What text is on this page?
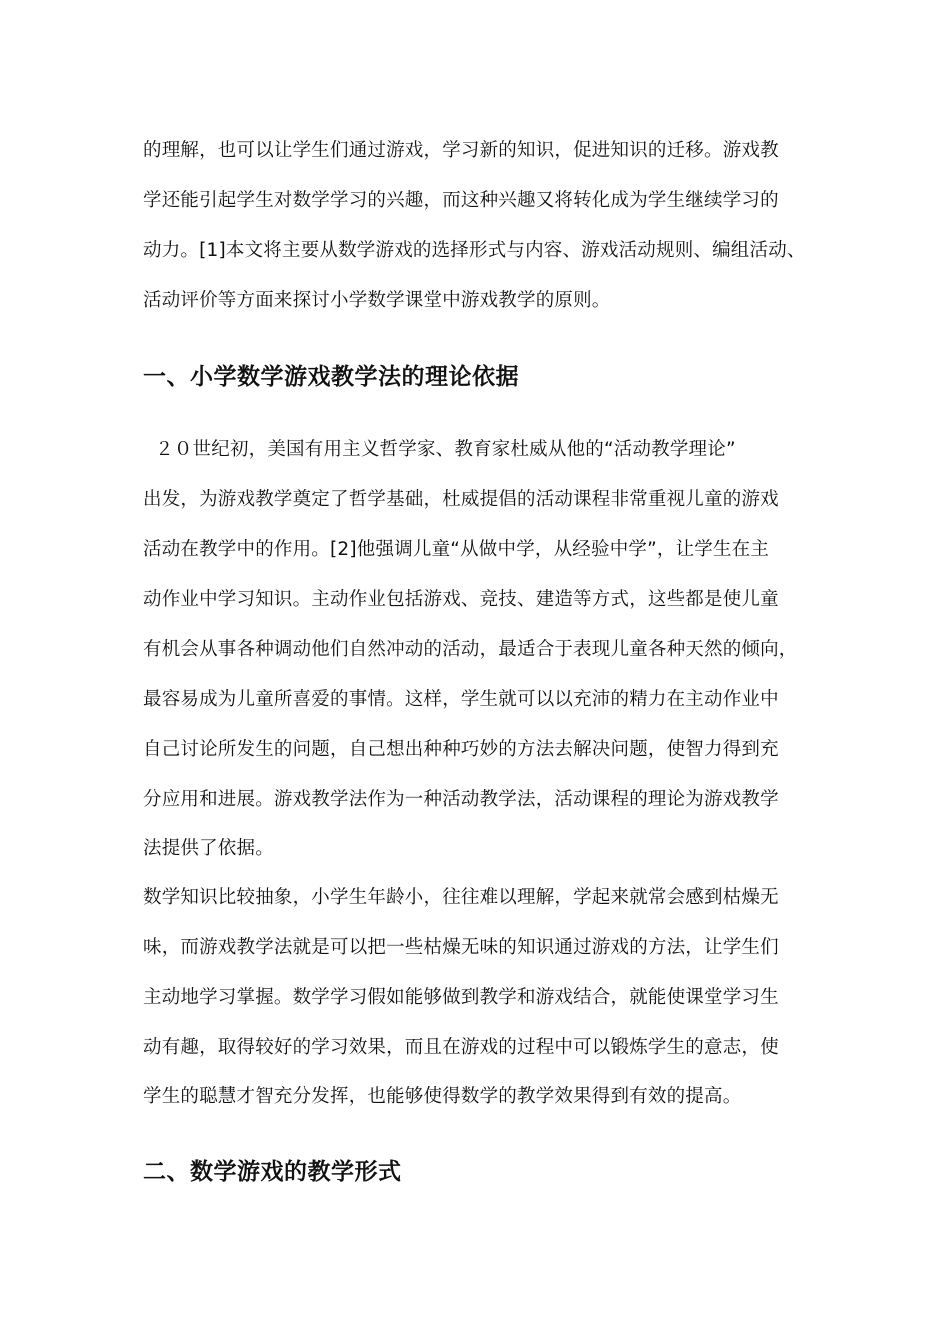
的理解，也可以让学生们通过游戏，学习新的知识，促进知识的迁移。游戏教
学还能引起学生对数学学习的兴趣，而这种兴趣又将转化成为学生继续学习的
动力。[1]本文将主要从数学游戏的选择形式与内容、游戏活动规则、编组活动、
活动评价等方面来探讨小学数学课堂中游戏教学的原则。
一、小学数学游戏教学法的理论依据
２０世纪初，美国有用主义哲学家、教育家杜威从他的“活动教学理论”
出发，为游戏教学奠定了哲学基础，杜威提倡的活动课程非常重视儿童的游戏
活动在教学中的作用。[2]他强调儿童“从做中学，从经验中学”，让学生在主
动作业中学习知识。主动作业包括游戏、竞技、建造等方式，这些都是使儿童
有机会从事各种调动他们自然冲动的活动，最适合于表现儿童各种天然的倾向，
最容易成为儿童所喜爱的事情。这样，学生就可以以充沛的精力在主动作业中
自己讨论所发生的问题，自己想出种种巧妙的方法去解决问题，使智力得到充
分应用和进展。游戏教学法作为一种活动教学法，活动课程的理论为游戏教学
法提供了依据。
数学知识比较抽象，小学生年龄小，往往难以理解，学起来就常会感到枯燥无
味，而游戏教学法就是可以把一些枯燥无味的知识通过游戏的方法，让学生们
主动地学习掌握。数学学习假如能够做到教学和游戏结合，就能使课堂学习生
动有趣，取得较好的学习效果，而且在游戏的过程中可以锻炼学生的意志，使
学生的聪慧才智充分发挥，也能够使得数学的教学效果得到有效的提高。
二、数学游戏的教学形式
